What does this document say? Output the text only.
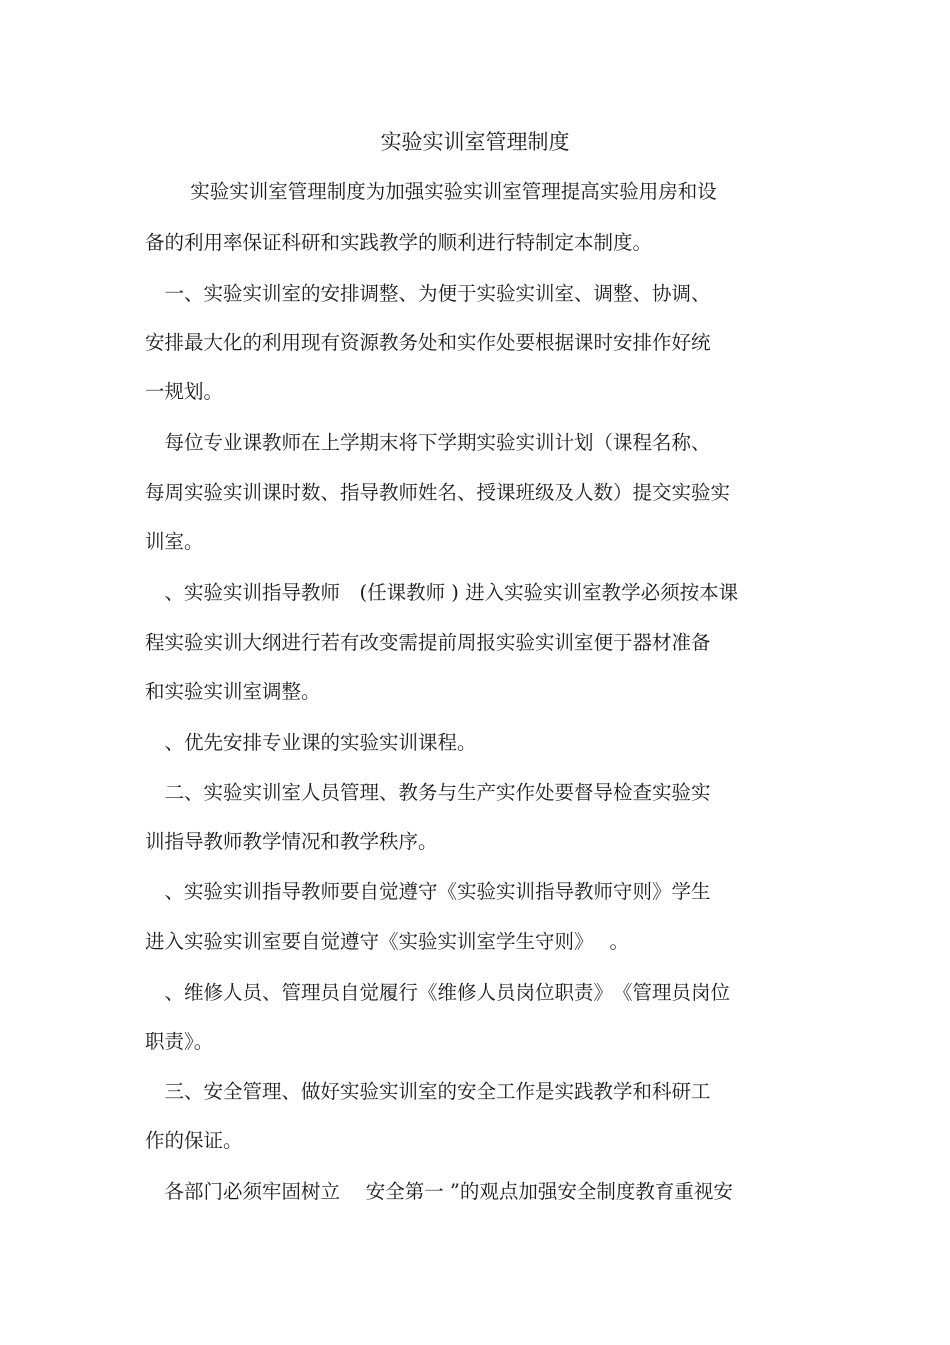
实验实训室管理制度
　　 实验实训室管理制度为加强实验实训室管理提高实验用房和设
备的利用率保证科研和实践教学的顺利进行特制定本制度。
　一、实验实训室的安排调整、为便于实验实训室、调整、协调、
安排最大化的利用现有资源教务处和实作处要根据课时安排作好统
一规划。
　每位专业课教师在上学期末将下学期实验实训计划（课程名称、
每周实验实训课时数、指导教师姓名、授课班级及人数）提交实验实
训室。
　、实验实训指导教师　(任课教师 ) 进入实验实训室教学必须按本课
程实验实训大纲进行若有改变需提前周报实验实训室便于器材准备
和实验实训室调整。
　、优先安排专业课的实验实训课程。
　二、实验实训室人员管理、教务与生产实作处要督导检查实验实
训指导教师教学情况和教学秩序。
　、实验实训指导教师要自觉遵守《实验实训指导教师守则》学生
进入实验实训室要自觉遵守《实验实训室学生守则》　 。
　、维修人员、管理员自觉履行《维修人员岗位职责》　《管理员岗位
职责》。
　三、安全管理、做好实验实训室的安全工作是实践教学和科研工
作的保证。
　各部门必须牢固树立　 安全第一 ”的观点加强安全制度教育重视安
